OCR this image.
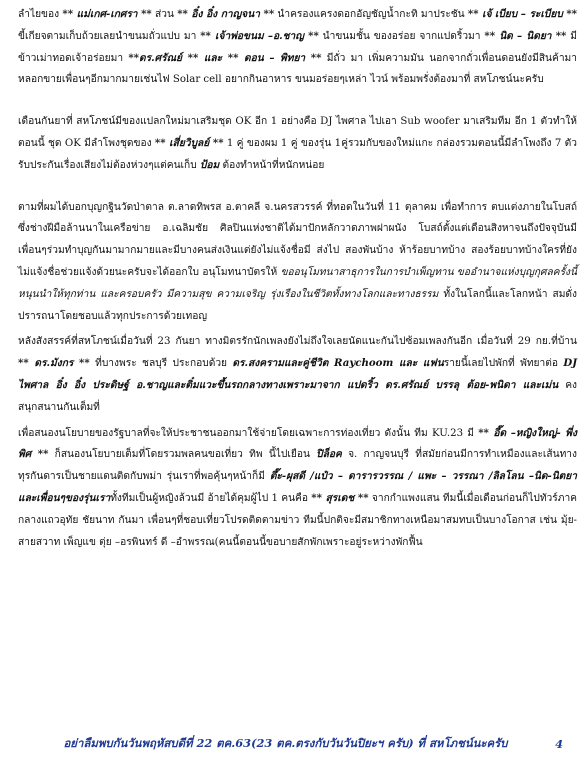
ลำไยของ ** แม่เกศ-เกศรา ** ส่วน ** อิ๋ง อิ๋ง กาญจนา ** นำครองแครงดอกอัญชัญน้ำกะทิ มาประชัน ** เจ้ เบียบ – ระเบียบ ** ขี้เกียจตามเก็บถ้วยเลยนำขนมถั่วแปบ มา ** เจ้าพ่อขนม –อ.ชาญ ** นำขนมชั้น ของอร่อย จากแปดริ้วมา ** นิด – นิดยา ** มีข้าวเม่าทอดเจ้าอร่อยมา **ดร.ศรัณย์ ** และ ** ดอน – พิทยา ** มีถั่ว มา เพิ่มความมัน นอกจากถั่วเพื่อนดอนยังมีสินค้ามาหลอกขายเพื่อนๆอีกมากมายเช่นไฟ Solar cell อยากกินอาหาร ขนมอร่อยๆเหล่า ไวน์ พร้อมพรั่งต้องมาที่ สหโภชน์นะครับ

เดือนกันยาที่ สหโภชน์มีของแปลกใหม่มาเสริมชุด OK อีก 1 อย่างคือ DJ ไพศาล ไปเอา Sub woofer มาเสริมทีม อีก 1 ตัวทำให้ตอนนี้ ชุด OK มีลำโพงชุดของ ** เสี่ยวิบูลย์ ** 1 คู่ ของผม 1 คู่ ของรุ่น 1คู่รวมกับของใหม่แกะ กล่องรวมตอนนี้มีลำโพงถึง 7 ตัว รับประกันเรื่องเสียงไม่ต้องห่วงๆแต่คนเก็บ ป้อม ต้องทำหน้าที่หนักหน่อย

ตามที่ผมได้บอกบุญกฐินวัดป่าตาล ต.ลาดทิพรส อ.ตาคลี จ.นครสวรรค์ ที่ทอดในวันที่ 11 ตุลาคม เพื่อทำการ ตบแต่งภายในโบสถ์ซึ่งช่างฝีมือล้านนาในเครือข่าย อ.เฉลิมชัย ศิลปินแห่งชาติได้มาปักหลักวาดภาพฝาผนัง โบสถ์ตั้งแต่เดือนสิงหาจนถึงปัจจุบันมีเพื่อนๆร่วมทำบุญกันมามากมายและมีบางคนส่งเงินแต่ยังไม่แจ้งชื่อมี ส่งไป สองพันบ้าง ห้าร้อยบาทบ้าง สองร้อยบาทบ้างใครที่ยังไม่แจ้งชื่อช่วยแจ้งด้วยนะครับจะได้ออกใบ อนุโมทนาบัตรให้ ขออนุโมทนาสาธุการในการบำเพ็ญทาน ขออำนาจแห่งบุญกุศลครั้งนี้หนุนนำให้ทุกท่าน และครอบครัว มีความสุข ความเจริญ รุ่งเรืองในชีวิตทั้งทางโลกและทางธรรม ทั้งในโลกนี้และโลกหน้า สมดั่ง ปรารถนาโดยชอบแล้วทุกประการด้วยเทอญ

หลังสังสรรค์ที่สหโภชน์เมื่อวันที่ 23 กันยา ทางมิตรรักนักเพลงยังไม่ถึงใจเลยนัดแนะกันไปซ้อมเพลงกันอีก เมื่อวันที่ 29 กย.ที่บ้าน ** ดร.มังกร ** ที่บางพระ ชลบุรี ประกอบด้วย ดร.สงครามและคู่ชีวิต Raychoom และ แฟนรายนี้เลยไปพักที่ พัทยาต่อ DJ ไพศาล อิ๋ง อิ๋ง ประดิษฐ์ อ.ชาญและติ๋มแวะขึ้นรถกลางทางเพราะมาจาก แปดริ้ว ดร.ศรัณย์ บรรลุ ต้อย-พนิดา และเม่น คงสนุกสนานกันเต็มที่

เพื่อสนองนโยบายของรัฐบาลที่จะให้ประชาชนออกมาใช้จ่ายโดยเฉพาะการท่องเที่ยว ดังนั้น ทีม KU.23 มี ** อี๊ด –หญิงใหญ่- พี่งพิศ ** ก็สนองนโยบายเต็มที่โดยรวมพลคนขอเที่ยว ทิพ นี้ไปเยือน ปิล็อค จ. กาญจนบุรี ที่สมัยก่อนมีการทำเหมืองและเส้นทางทุรกันดารเป็นชายแดนติดกับพม่า รุ่นเราที่พอคุ้นๆหน้าก็มี ตึ๊ะ-ผุสดี /แป๋ว – ดารารวรรณ / แพะ – วรรณา /ลิลโลน –นิด-นิตยา และเพื่อนๆของรุ่นเราทั้งทีมเป็นผู้หญิงล้วนมี อ้ายได้คุมผู้ไป 1 คนคือ ** สุรเดช ** จากกำแพงแสน ทีมนี้เมื่อเดือนก่อนก็ไปทัวร์ภาคกลางแถวอุทัย ชัยนาท กันมา เพื่อนๆที่ชอบเที่ยวโปรดติดตามข่าว ทีมนี้ปกติจะมีสมาชิกทางเหนือมาสมทบเป็นบางโอกาส เช่น มุ้ย- สายสวาท เพ็ญแข ตุ่ย –อรพินทร์ ดี –อำพรรณ(คนนี้ตอนนี้ขอบายสักพักเพราะอยู่ระหว่างพักฟื้น

อย่าลืมพบกันวันพฤหัสบดีที่ 22 ตค.63(23 ตค.ตรงกับวันวันปิยะฯ ครับ) ที่ สหโภชน์นะครับ	4
